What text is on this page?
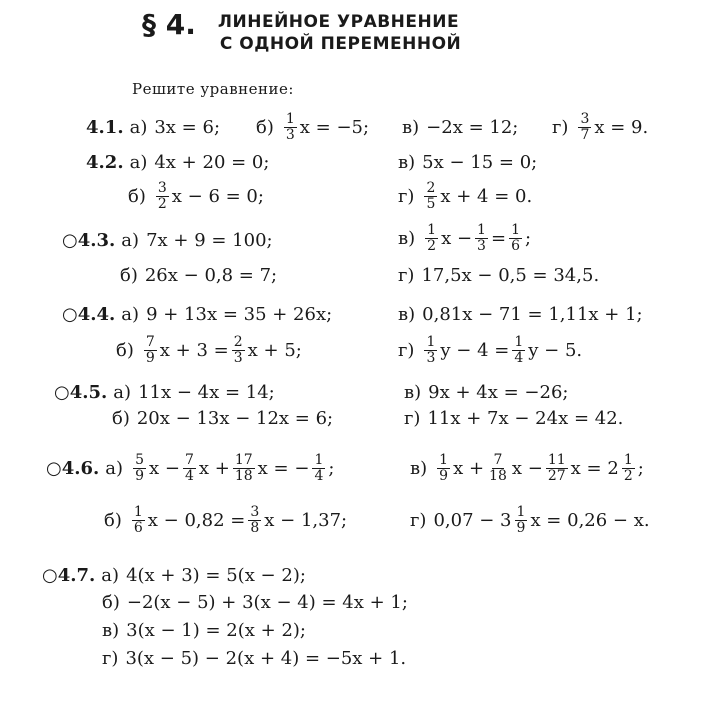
§ 4. ЛИНЕЙНОЕ УРАВНЕНИЕ
С ОДНОЙ ПЕРЕМЕННОЙ
Решите уравнение:
4.1. а) 3x = 6; $б) \frac{1}{3}$ x = −5; в) −2x = 12; $г) \frac{3}{7}$ x = 9.
4.2. а) 4x + 20 = 0;
$б) \frac{3}{2}$ x − 6 = 0;
в) 5x − 15 = 0;
$г) \frac{2}{5}$ x + 4 = 0.
○4.3. а) 7x + 9 = 100;
б) 26x − 0,8 = 7;
$в) \frac{1}{2}$ $x - \frac{1}{3} = \frac{1}{6}$ ;
г) 17,5x − 0,5 = 34,5.
○4.4. а) 9 + 13x = 35 + 26x;
$б) \frac{7}{9}$ $x + 3 = \frac{2}{3}$ x + 5;
в) 0,81x − 71 = 1,11x + 1;
$г) \frac{1}{3}$ $y - 4 = \frac{1}{4}$ y − 5.
○4.5. а) 11x − 4x = 14;
б) 20x − 13x − 12x = 6;
в) 9x + 4x = −26;
г) 11x + 7x − 24x = 42.
○4.6. $а) \frac{5}{9}$ $x - \frac{7}{4}$ $x + \frac{17}{18}$ x = − $\frac{1}{4}$ ;
$б) \frac{1}{6}$ $x - 0,82 = \frac{3}{8}$ x − 1,37;
$в) \frac{1}{9}$ $x + \frac{7}{18}$ $x - \frac{11}{27}$ $x = 2 \frac{1}{2}$ ;
г) $0,07 - 3 \frac{1}{9}$ x = 0,26 − x.
○4.7. а) 4(x + 3) = 5(x − 2);
б) −2(x − 5) + 3(x − 4) = 4x + 1;
в) 3(x − 1) = 2(x + 2);
г) 3(x − 5) − 2(x + 4) = −5x + 1.
